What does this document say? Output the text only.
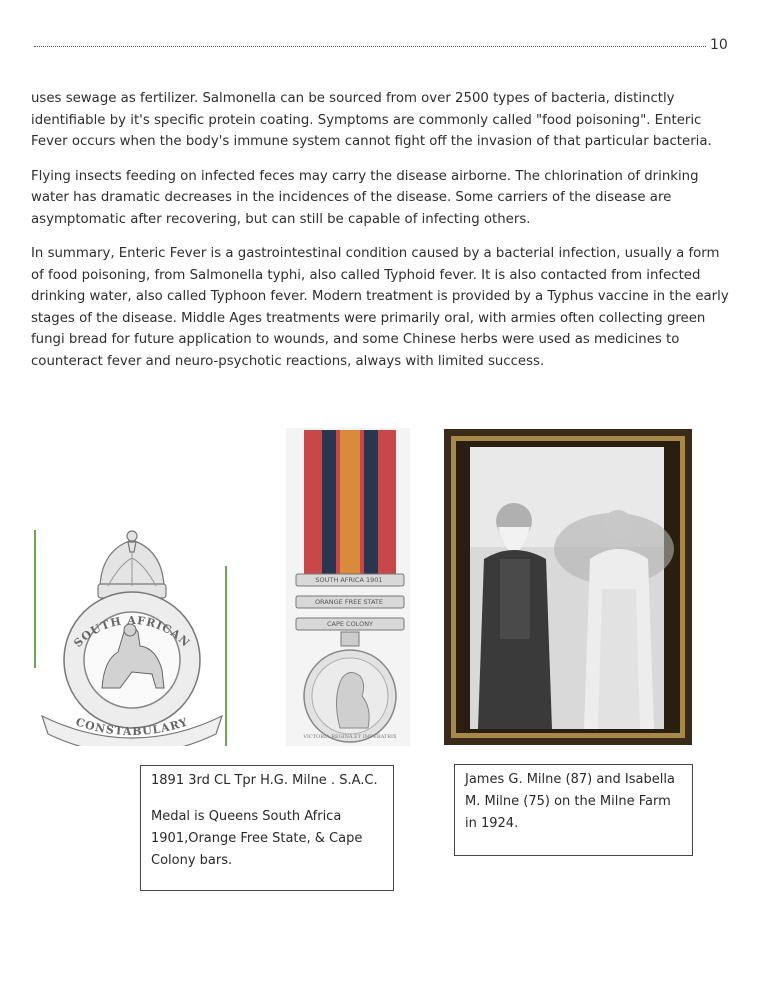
10

uses sewage as fertilizer. Salmonella can be sourced from over 2500 types of bacteria, distinctly identifiable by it's specific protein coating. Symptoms are commonly called "food poisoning". Enteric Fever occurs when the body's immune system cannot fight off the invasion of that particular bacteria.

Flying insects feeding on infected feces may carry the disease airborne. The chlorination of drinking water has dramatic decreases in the incidences of the disease. Some carriers of the disease are asymptomatic after recovering, but can still be capable of infecting others.

In summary, Enteric Fever is a gastrointestinal condition caused by a bacterial infection, usually a form of food poisoning, from Salmonella typhi, also called Typhoid fever. It is also contacted from infected drinking water, also called Typhoon fever. Modern treatment is provided by a Typhus vaccine in the early stages of the disease. Middle Ages treatments were primarily oral, with armies often collecting green fungi bread for future application to wounds, and some Chinese herbs were used as medicines to counteract fever and neuro-psychotic reactions, always with limited success.

SOUTH AFRICAN
CONSTABULARY
SOUTH AFRICA 1901 ORANGE FREE STATE CAPE COLONY
VICTORIA REGINA ET IMPERATRIX

1891 3rd CL Tpr H.G. Milne . S.A.C.

Medal is Queens South Africa 1901,Orange Free State, & Cape Colony bars.

James G. Milne (87) and Isabella M. Milne (75) on the Milne Farm in 1924.
